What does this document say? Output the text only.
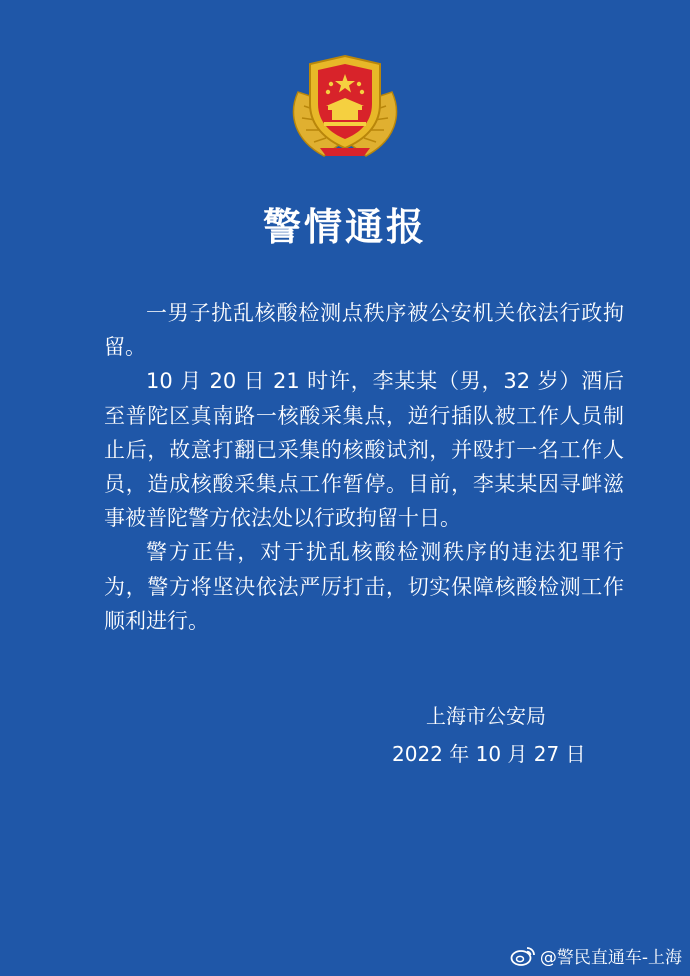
警情通报

一男子扰乱核酸检测点秩序被公安机关依法行政拘留。

10 月 20 日 21 时许，李某某（男，32 岁）酒后至普陀区真南路一核酸采集点，逆行插队被工作人员制止后，故意打翻已采集的核酸试剂，并殴打一名工作人员，造成核酸采集点工作暂停。目前，李某某因寻衅滋事被普陀警方依法处以行政拘留十日。

警方正告，对于扰乱核酸检测秩序的违法犯罪行为，警方将坚决依法严厉打击，切实保障核酸检测工作顺利进行。

上海市公安局
2022 年 10 月 27 日
@警民直通车-上海
